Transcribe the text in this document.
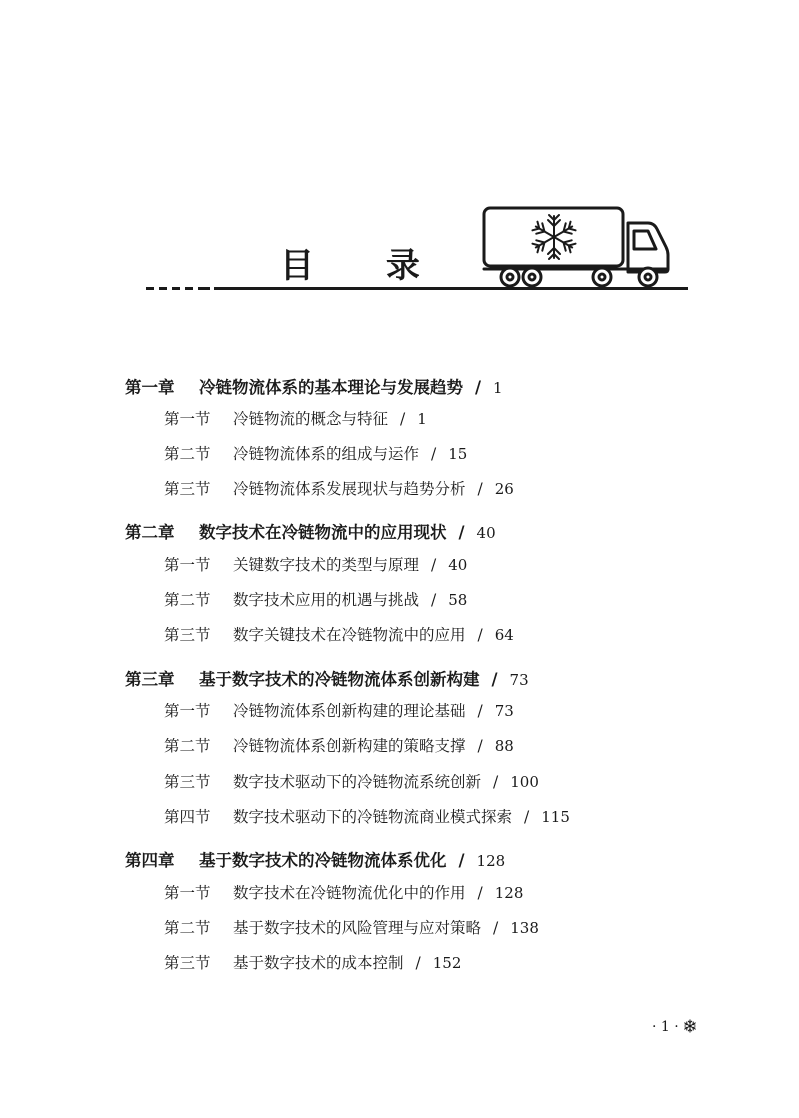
目 录
第一章 冷链物流体系的基本理论与发展趋势 / 1
第一节 冷链物流的概念与特征 / 1
第二节 冷链物流体系的组成与运作 / 15
第三节 冷链物流体系发展现状与趋势分析 / 26
第二章 数字技术在冷链物流中的应用现状 / 40
第一节 关键数字技术的类型与原理 / 40
第二节 数字技术应用的机遇与挑战 / 58
第三节 数字关键技术在冷链物流中的应用 / 64
第三章 基于数字技术的冷链物流体系创新构建 / 73
第一节 冷链物流体系创新构建的理论基础 / 73
第二节 冷链物流体系创新构建的策略支撑 / 88
第三节 数字技术驱动下的冷链物流系统创新 / 100
第四节 数字技术驱动下的冷链物流商业模式探索 / 115
第四章 基于数字技术的冷链物流体系优化 / 128
第一节 数字技术在冷链物流优化中的作用 / 128
第二节 基于数字技术的风险管理与应对策略 / 138
第三节 基于数字技术的成本控制 / 152
· 1 ·
